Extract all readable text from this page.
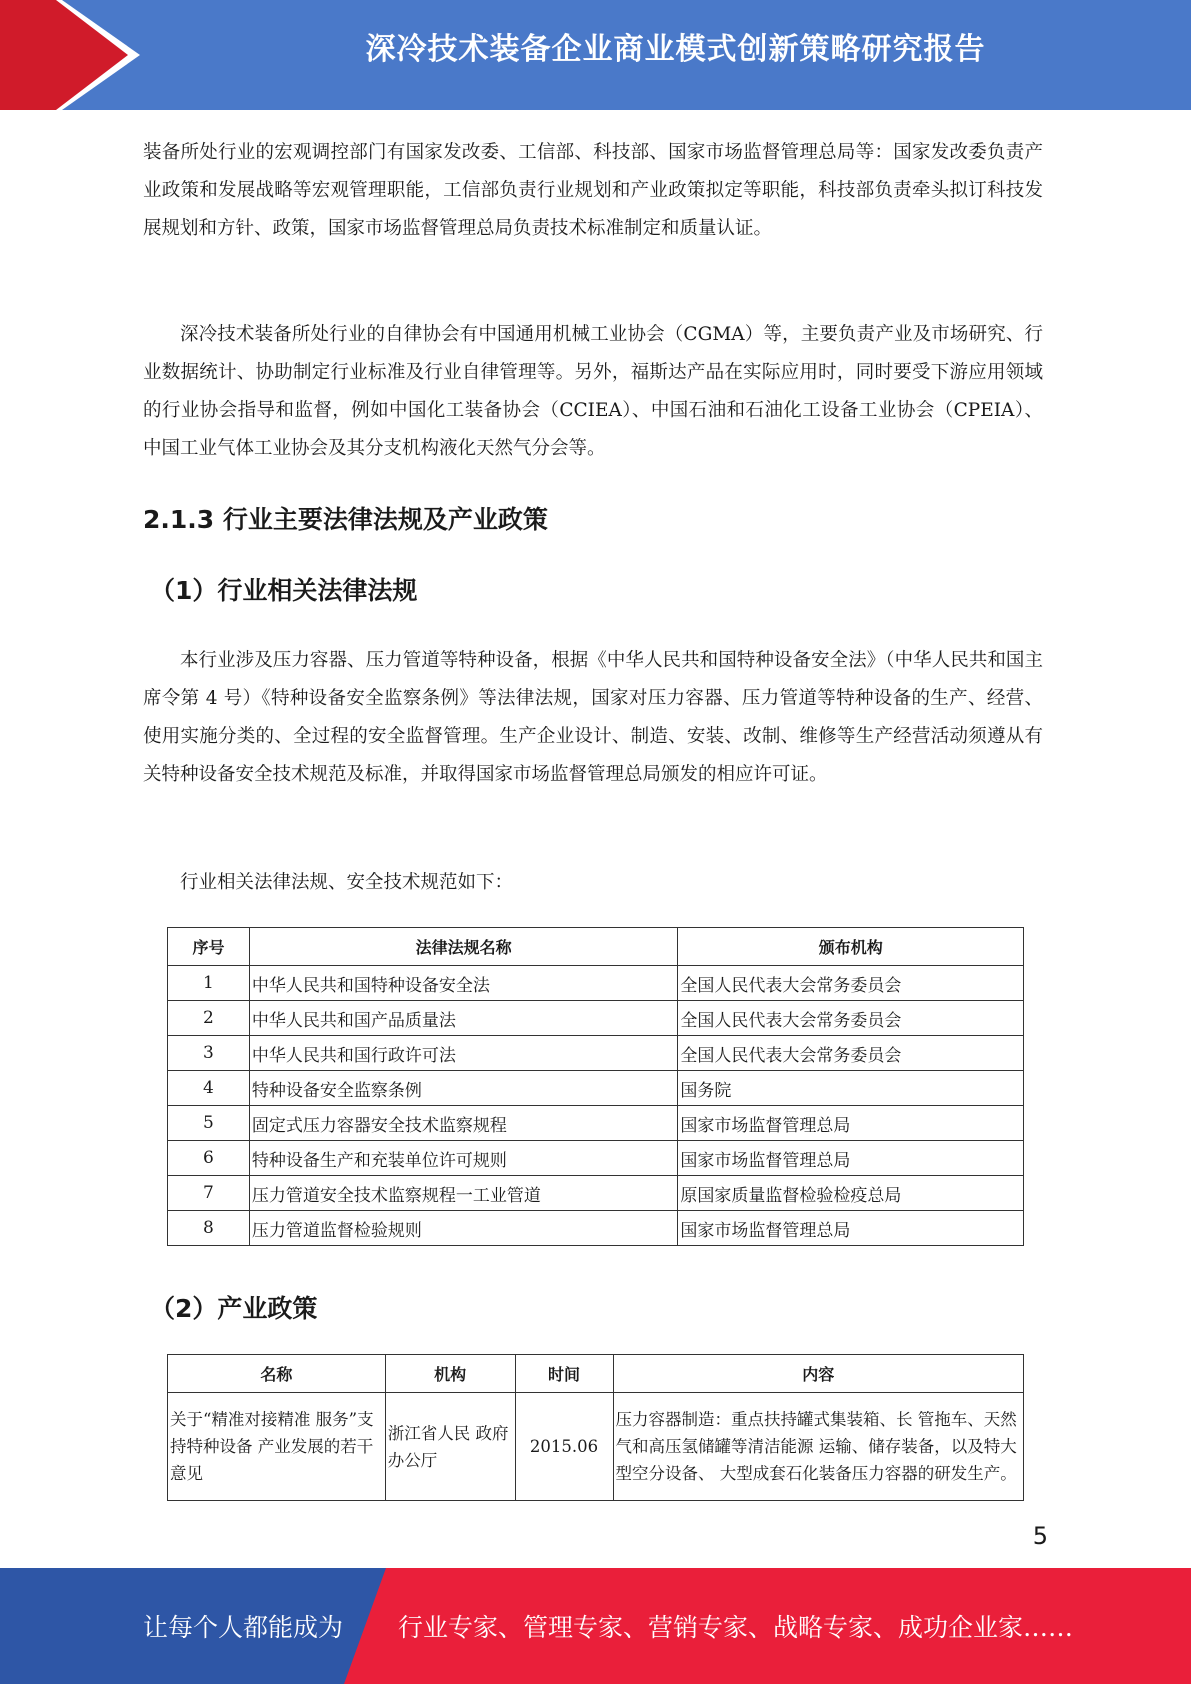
深冷技术装备企业商业模式创新策略研究报告

装备所处行业的宏观调控部门有国家发改委、工信部、科技部、国家市场监督管理总局等：国家发改委负责产业政策和发展战略等宏观管理职能，工信部负责行业规划和产业政策拟定等职能，科技部负责牵头拟订科技发展规划和方针、政策，国家市场监督管理总局负责技术标准制定和质量认证。

深冷技术装备所处行业的自律协会有中国通用机械工业协会（CGMA）等，主要负责产业及市场研究、行业数据统计、协助制定行业标准及行业自律管理等。另外，福斯达产品在实际应用时，同时要受下游应用领域的行业协会指导和监督，例如中国化工装备协会（CCIEA）、中国石油和石油化工设备工业协会（CPEIA）、中国工业气体工业协会及其分支机构液化天然气分会等。

2.1.3 行业主要法律法规及产业政策
（1）行业相关法律法规

本行业涉及压力容器、压力管道等特种设备，根据《中华人民共和国特种设备安全法》（中华人民共和国主席令第 4 号）《特种设备安全监察条例》等法律法规，国家对压力容器、压力管道等特种设备的生产、经营、使用实施分类的、全过程的安全监督管理。生产企业设计、制造、安装、改制、维修等生产经营活动须遵从有关特种设备安全技术规范及标准，并取得国家市场监督管理总局颁发的相应许可证。

行业相关法律法规、安全技术规范如下：

序号	法律法规名称	颁布机构
1	中华人民共和国特种设备安全法	全国人民代表大会常务委员会
2	中华人民共和国产品质量法	全国人民代表大会常务委员会
3	中华人民共和国行政许可法	全国人民代表大会常务委员会
4	特种设备安全监察条例	国务院
5	固定式压力容器安全技术监察规程	国家市场监督管理总局
6	特种设备生产和充装单位许可规则	国家市场监督管理总局
7	压力管道安全技术监察规程一工业管道	原国家质量监督检验检疫总局
8	压力管道监督检验规则	国家市场监督管理总局
（2）产业政策
名称	机构	时间	内容
关于“精准对接精准 服务”支持特种设备 产业发展的若干意见	浙江省人民 政府办公厅	2015.06	压力容器制造：重点扶持罐式集装箱、长 管拖车、天然气和高压氢储罐等清洁能源 运输、储存装备，以及特大型空分设备、 大型成套石化装备压力容器的研发生产。
5
让每个人都能成为 行业专家、管理专家、营销专家、战略专家、成功企业家……
